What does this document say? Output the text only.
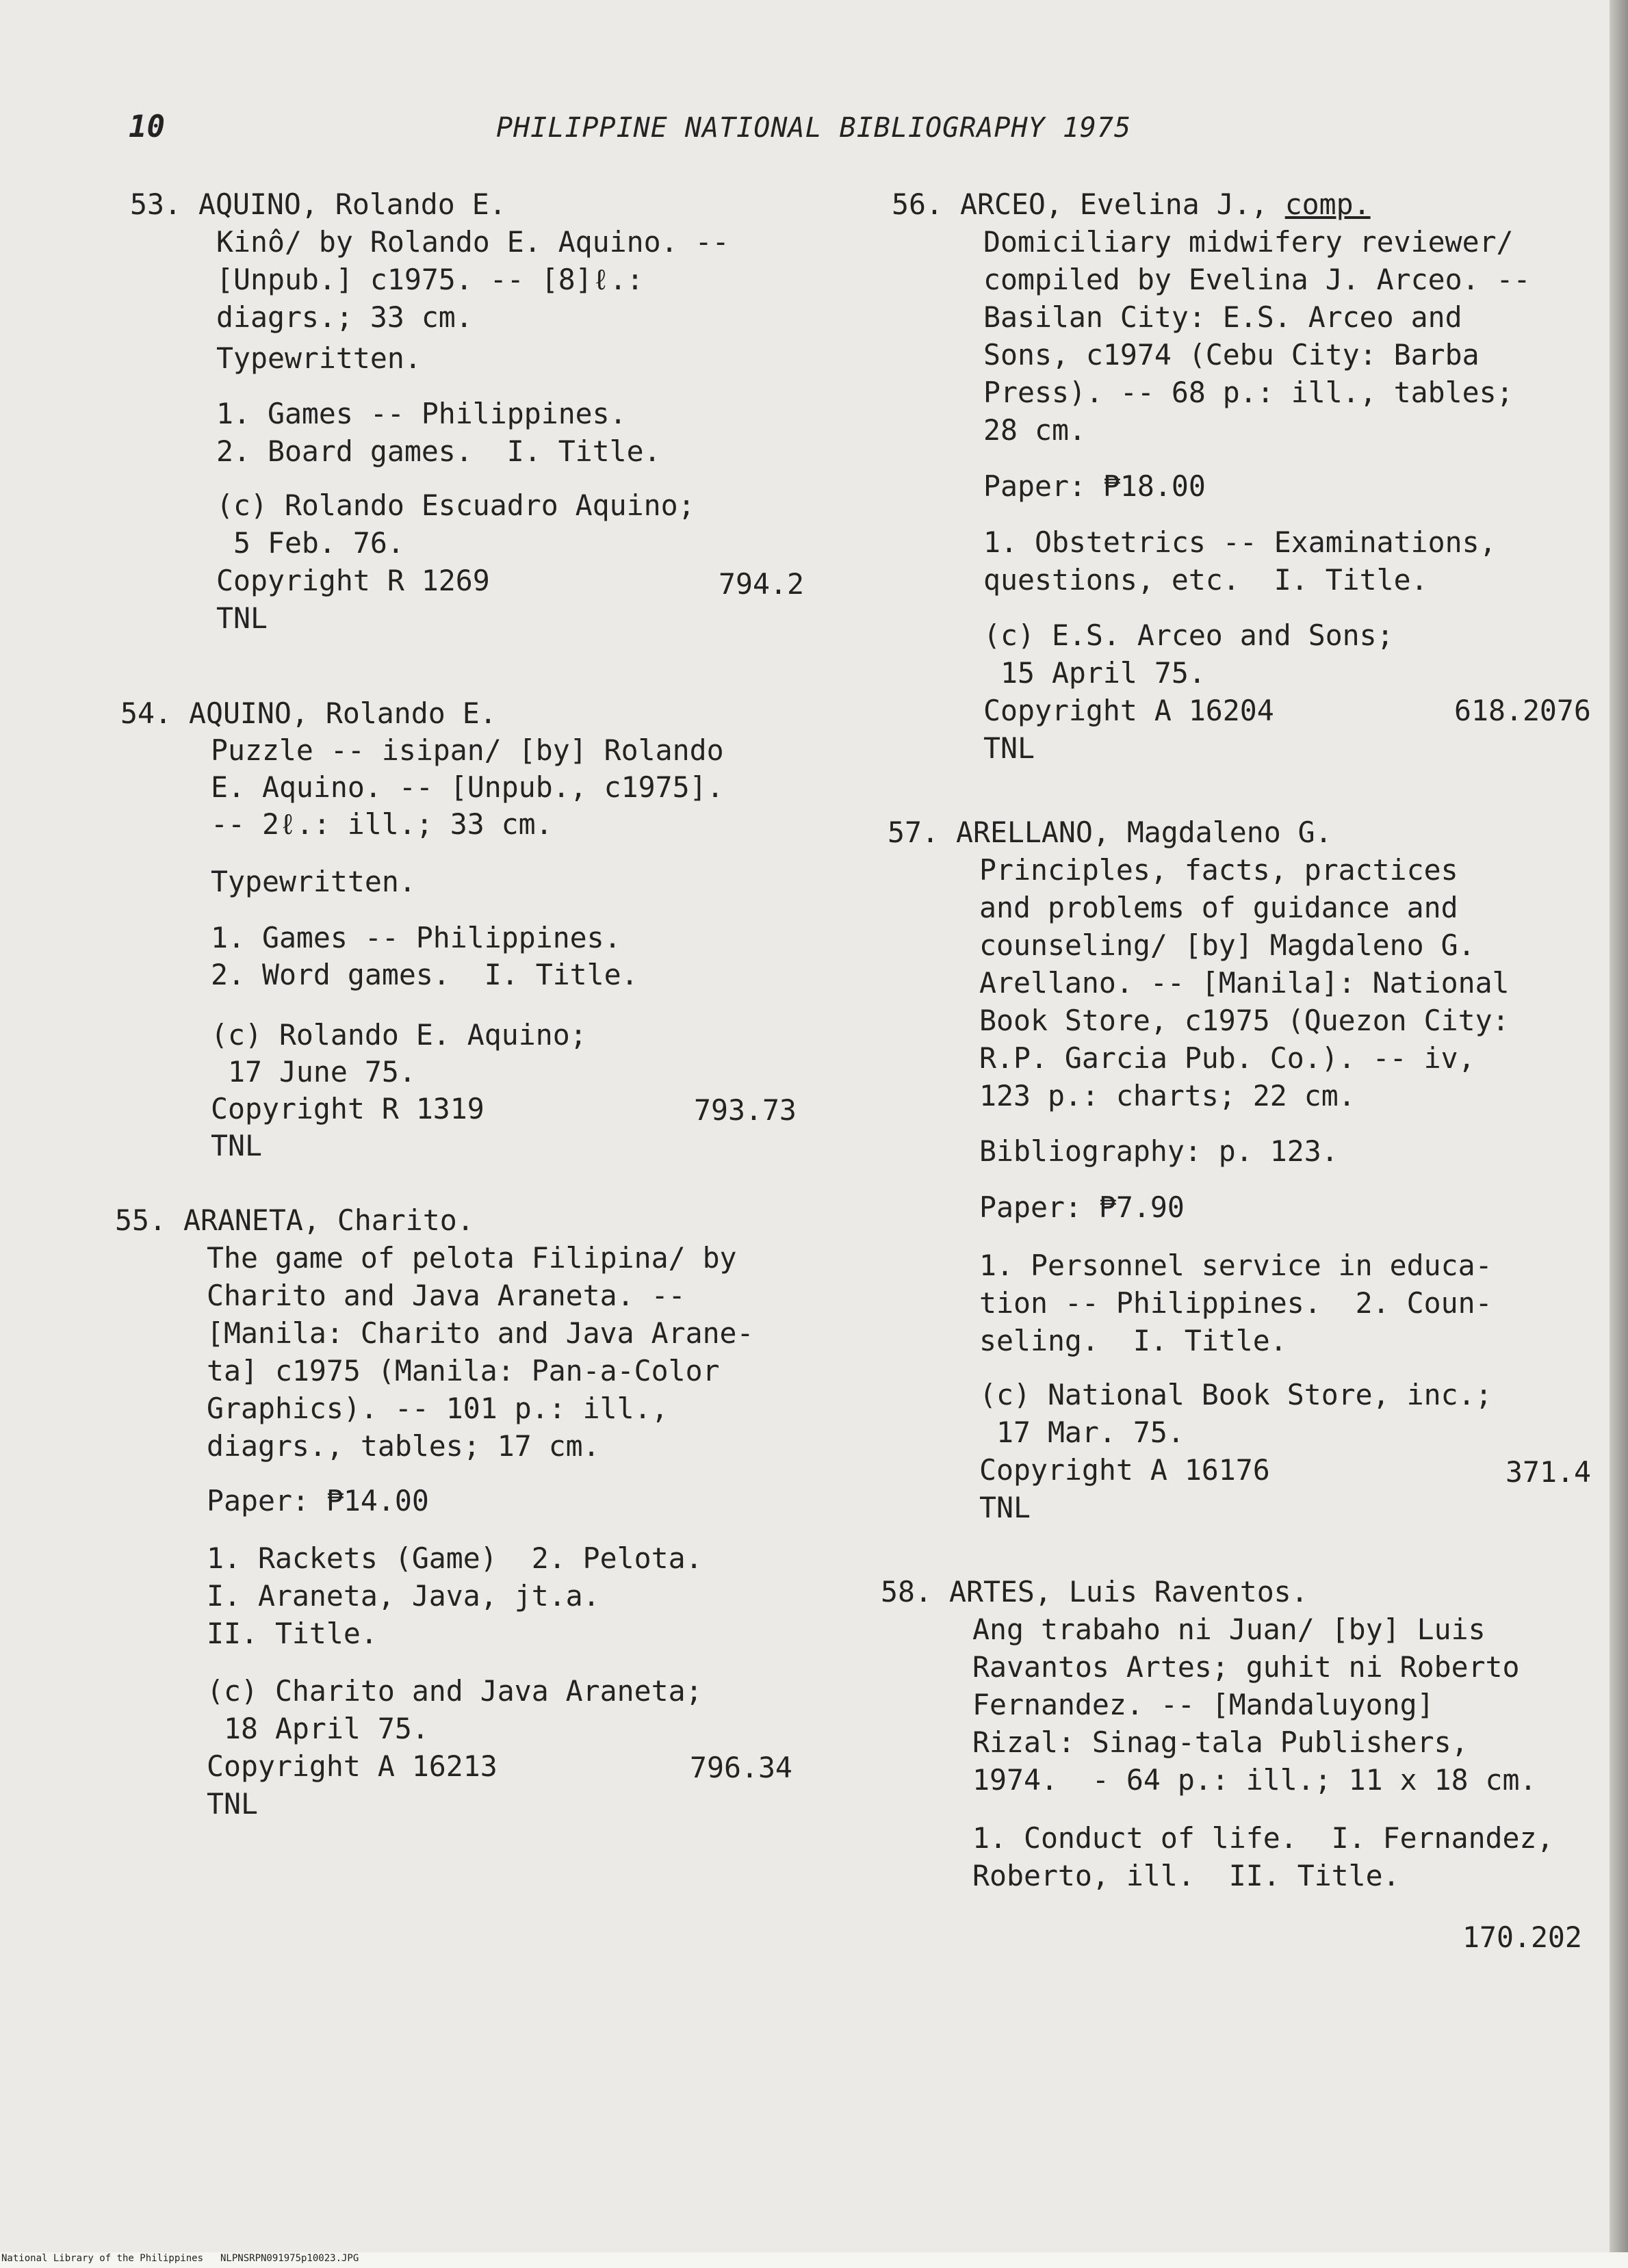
10	PHILIPPINE NATIONAL BIBLIOGRAPHY 1975
53. AQUINO, Rolando E.
Kinô/ by Rolando E. Aquino. --
[Unpub.] c1975. -- [8]ℓ.:
diagrs.; 33 cm.
Typewritten.
1. Games -- Philippines.
2. Board games.  I. Title.
(c) Rolando Escuadro Aquino;
5 Feb. 76.
Copyright R 1269
TNL
794.2
54. AQUINO, Rolando E.
Puzzle -- isipan/ [by] Rolando
E. Aquino. -- [Unpub., c1975].
-- 2ℓ.: ill.; 33 cm.
Typewritten.
1. Games -- Philippines.
2. Word games.  I. Title.
(c) Rolando E. Aquino;
17 June 75.
Copyright R 1319
TNL
793.73
55. ARANETA, Charito.
The game of pelota Filipina/ by
Charito and Java Araneta. --
[Manila: Charito and Java Arane-
ta] c1975 (Manila: Pan-a-Color
Graphics). -- 101 p.: ill.,
diagrs., tables; 17 cm.
Paper: ₱14.00
1. Rackets (Game)  2. Pelota.
I. Araneta, Java, jt.a.
II. Title.
(c) Charito and Java Araneta;
18 April 75.
Copyright A 16213
TNL
796.34
56. ARCEO, Evelina J., comp.
Domiciliary midwifery reviewer/
compiled by Evelina J. Arceo. --
Basilan City: E.S. Arceo and
Sons, c1974 (Cebu City: Barba
Press). -- 68 p.: ill., tables;
28 cm.
Paper: ₱18.00
1. Obstetrics -- Examinations,
questions, etc.  I. Title.
(c) E.S. Arceo and Sons;
15 April 75.
Copyright A 16204
TNL
618.2076
57. ARELLANO, Magdaleno G.
Principles, facts, practices
and problems of guidance and
counseling/ [by] Magdaleno G.
Arellano. -- [Manila]: National
Book Store, c1975 (Quezon City:
R.P. Garcia Pub. Co.). -- iv,
123 p.: charts; 22 cm.
Bibliography: p. 123.
Paper: ₱7.90
1. Personnel service in educa-
tion -- Philippines.  2. Coun-
seling.  I. Title.
(c) National Book Store, inc.;
17 Mar. 75.
Copyright A 16176
TNL
371.4
58. ARTES, Luis Raventos.
Ang trabaho ni Juan/ [by] Luis
Ravantos Artes; guhit ni Roberto
Fernandez. -- [Mandaluyong]
Rizal: Sinag-tala Publishers,
1974.  - 64 p.: ill.; 11 x 18 cm.
1. Conduct of life.  I. Fernandez,
Roberto, ill.  II. Title.
170.202
National Library of the Philippines NLPNSRPN091975p10023.JPG
